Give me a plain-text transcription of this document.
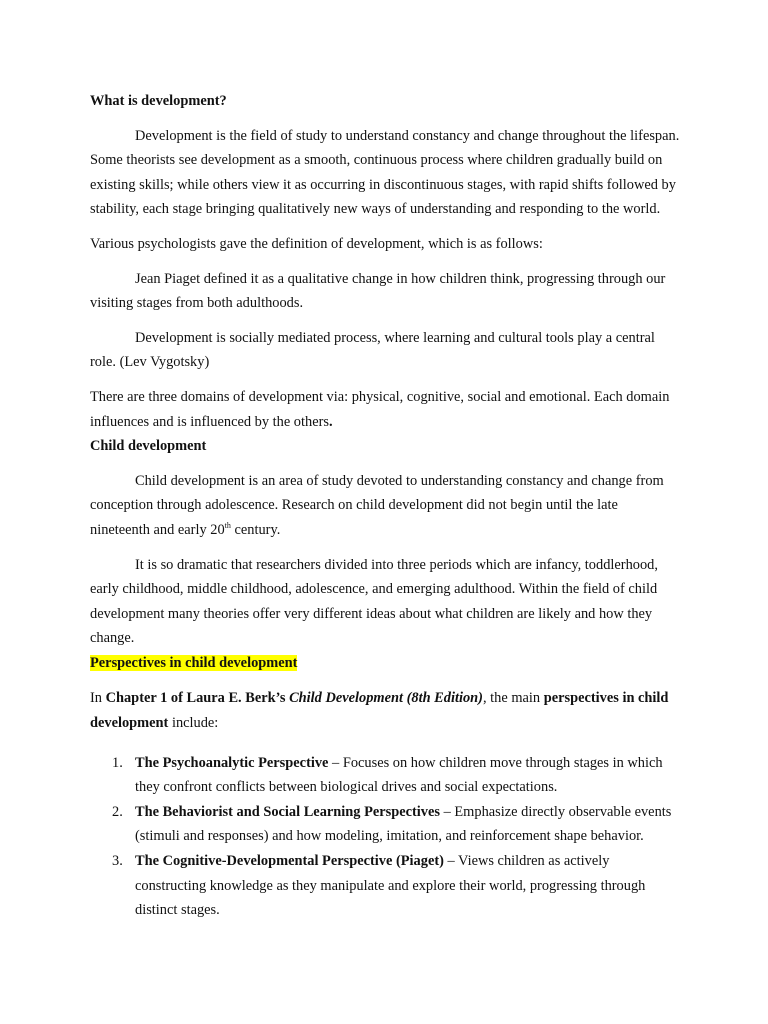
What is development?

Development is the field of study to understand constancy and change throughout the lifespan. Some theorists see development as a smooth, continuous process where children gradually build on existing skills; while others view it as occurring in discontinuous stages, with rapid shifts followed by stability, each stage bringing qualitatively new ways of understanding and responding to the world.

Various psychologists gave the definition of development, which is as follows:

Jean Piaget defined it as a qualitative change in how children think, progressing through our visiting stages from both adulthoods.

Development is socially mediated process, where learning and cultural tools play a central role. (Lev Vygotsky)

There are three domains of development via: physical, cognitive, social and emotional. Each domain influences and is influenced by the others.

Child development

Child development is an area of study devoted to understanding constancy and change from conception through adolescence. Research on child development did not begin until the late nineteenth and early 20th century.

It is so dramatic that researchers divided into three periods which are infancy, toddlerhood, early childhood, middle childhood, adolescence, and emerging adulthood. Within the field of child development many theories offer very different ideas about what children are likely and how they change.

Perspectives in child development

In Chapter 1 of Laura E. Berk’s Child Development (8th Edition), the main perspectives in child development include:

1. The Psychoanalytic Perspective – Focuses on how children move through stages in which they confront conflicts between biological drives and social expectations.
2. The Behaviorist and Social Learning Perspectives – Emphasize directly observable events (stimuli and responses) and how modeling, imitation, and reinforcement shape behavior.
3. The Cognitive-Developmental Perspective (Piaget) – Views children as actively constructing knowledge as they manipulate and explore their world, progressing through distinct stages.
